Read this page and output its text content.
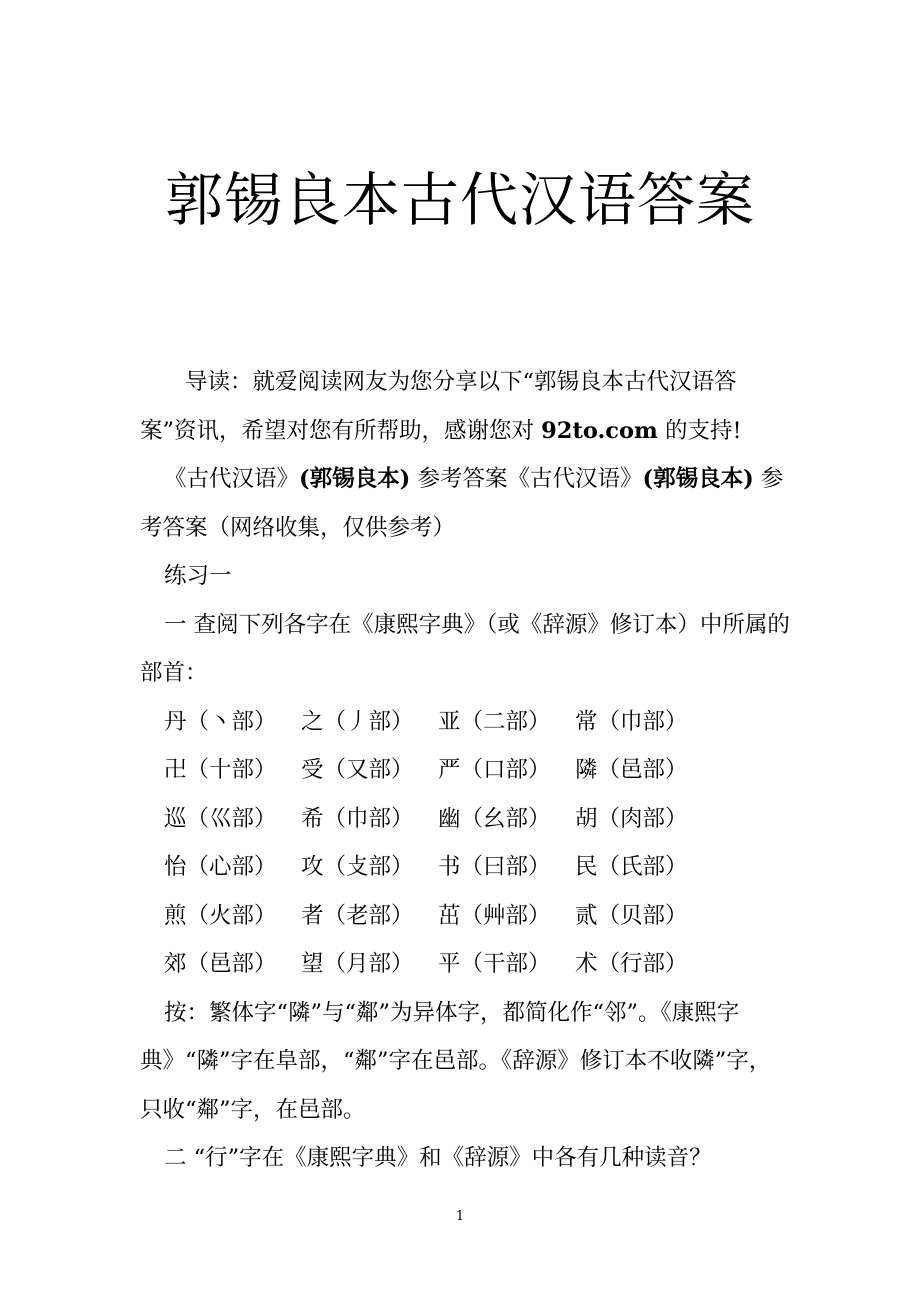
郭锡良本古代汉语答案

导读：就爱阅读网友为您分享以下“郭锡良本古代汉语答案”资讯，希望对您有所帮助，感谢您对 92to.com 的支持!

《古代汉语》(郭锡良本) 参考答案《古代汉语》(郭锡良本) 参考答案（网络收集，仅供参考）

练习一

一 查阅下列各字在《康熙字典》（或《辞源》修订本）中所属的部首：

丹（丶部）	之（丿部）	亚（二部）	常（巾部）
卍（十部）	受（又部）	严（口部）	隣（邑部）
巡（巛部）	希（巾部）	幽（幺部）	胡（肉部）
怡（心部）	攻（攴部）	书（曰部）	民（氏部）
煎（火部）	者（老部）	茁（艸部）	贰（贝部）
郊（邑部）	望（月部）	平（干部）	术（行部）

按：繁体字“隣”与“鄰”为异体字，都简化作“邻”。《康熙字典》“隣”字在阜部，“鄰”字在邑部。《辞源》修订本不收隣”字，只收“鄰”字，在邑部。

二 “行”字在《康熙字典》和《辞源》中各有几种读音？

1
